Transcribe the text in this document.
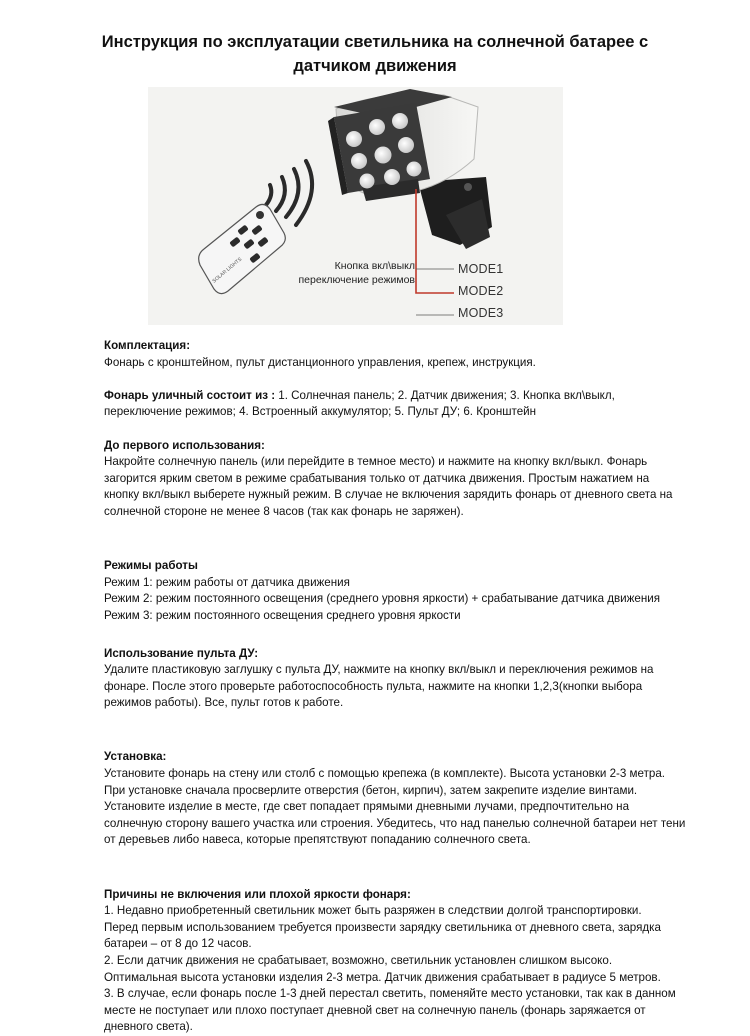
Инструкция по эксплуатации светильника на солнечной батарее с
датчиком движения
SOLAR LIGHTS	Кнопка вкл\выкл
переключение режимов
MODE1
MODE2
MODE3
Комплектация:

Фонарь с кронштейном, пульт дистанционного управления, крепеж, инструкция.

Фонарь уличный состоит из : 1. Солнечная панель; 2. Датчик движения; 3. Кнопка вкл\выкл,

переключение режимов; 4. Встроенный аккумулятор; 5. Пульт ДУ; 6. Кронштейн

До первого использования:

Накройте солнечную панель (или перейдите в темное место) и нажмите на кнопку вкл/выкл. Фонарь

загорится ярким светом в режиме срабатывания только от датчика движения. Простым нажатием на

кнопку вкл/выкл выберете нужный режим. В случае не включения зарядить фонарь от дневного света на

солнечной стороне не менее 8 часов (так как фонарь не заряжен).

Режимы работы

Режим 1: режим работы от датчика движения

Режим 2: режим постоянного освещения (среднего уровня яркости) + срабатывание датчика движения

Режим 3: режим постоянного освещения среднего уровня яркости

Использование пульта ДУ:

Удалите пластиковую заглушку с пульта ДУ, нажмите на кнопку вкл/выкл и переключения режимов на

фонаре. После этого проверьте работоспособность пульта, нажмите на кнопки 1,2,3(кнопки выбора

режимов работы). Все, пульт готов к работе.

Установка:

Установите фонарь на стену или столб с помощью крепежа (в комплекте). Высота установки 2-3 метра.

При установке сначала просверлите отверстия (бетон, кирпич), затем закрепите изделие винтами.

Установите изделие в месте, где свет попадает прямыми дневными лучами, предпочтительно на

солнечную сторону вашего участка или строения. Убедитесь, что над панелью солнечной батареи нет тени

от деревьев либо навеса, которые препятствуют попаданию солнечного света.

Причины не включения или плохой яркости фонаря:

1. Недавно приобретенный светильник может быть разряжен в следствии долгой транспортировки.

Перед первым использованием требуется произвести зарядку светильника от дневного света, зарядка

батареи – от 8 до 12 часов.

2. Если датчик движения не срабатывает, возможно, светильник установлен слишком высоко.

Оптимальная высота установки изделия 2-3 метра. Датчик движения срабатывает в радиусе 5 метров.

3. В случае, если фонарь после 1-3 дней перестал светить, поменяйте место установки, так как в данном

месте не поступает или плохо поступает дневной свет на солнечную панель (фонарь заряжается от

дневного света).
